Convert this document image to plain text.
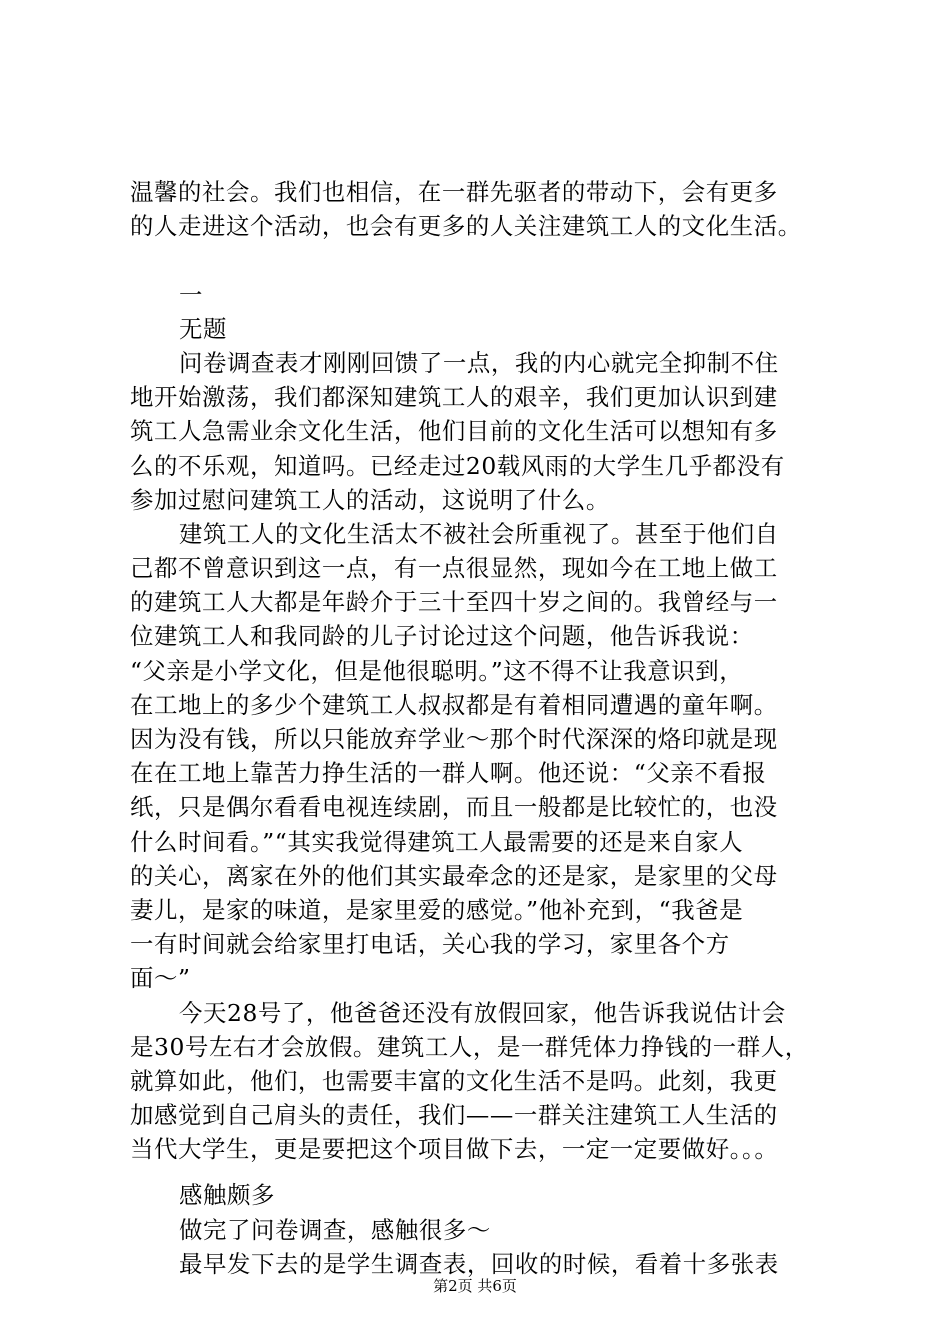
温馨的社会。我们也相信，在一群先驱者的带动下，会有更多
的人走进这个活动，也会有更多的人关注建筑工人的文化生活。
一
无题
问卷调查表才刚刚回馈了一点，我的内心就完全抑制不住
地开始激荡，我们都深知建筑工人的艰辛，我们更加认识到建
筑工人急需业余文化生活，他们目前的文化生活可以想知有多
么的不乐观，知道吗。已经走过20载风雨的大学生几乎都没有
参加过慰问建筑工人的活动，这说明了什么。
建筑工人的文化生活太不被社会所重视了。甚至于他们自
己都不曾意识到这一点，有一点很显然，现如今在工地上做工
的建筑工人大都是年龄介于三十至四十岁之间的。我曾经与一
位建筑工人和我同龄的儿子讨论过这个问题，他告诉我说：
“父亲是小学文化，但是他很聪明。”这不得不让我意识到，
在工地上的多少个建筑工人叔叔都是有着相同遭遇的童年啊。
因为没有钱，所以只能放弃学业～那个时代深深的烙印就是现
在在工地上靠苦力挣生活的一群人啊。他还说：“父亲不看报
纸，只是偶尔看看电视连续剧，而且一般都是比较忙的，也没
什么时间看。”“其实我觉得建筑工人最需要的还是来自家人
的关心，离家在外的他们其实最牵念的还是家，是家里的父母
妻儿，是家的味道，是家里爱的感觉。”他补充到，“我爸是
一有时间就会给家里打电话，关心我的学习，家里各个方
面～”
今天28号了，他爸爸还没有放假回家，他告诉我说估计会
是30号左右才会放假。建筑工人，是一群凭体力挣钱的一群人，
就算如此，他们，也需要丰富的文化生活不是吗。此刻，我更
加感觉到自己肩头的责任，我们——一群关注建筑工人生活的
当代大学生，更是要把这个项目做下去，一定一定要做好。。。
感触颇多
做完了问卷调查，感触很多～
最早发下去的是学生调查表，回收的时候，看着十多张表
第2页 共6页
